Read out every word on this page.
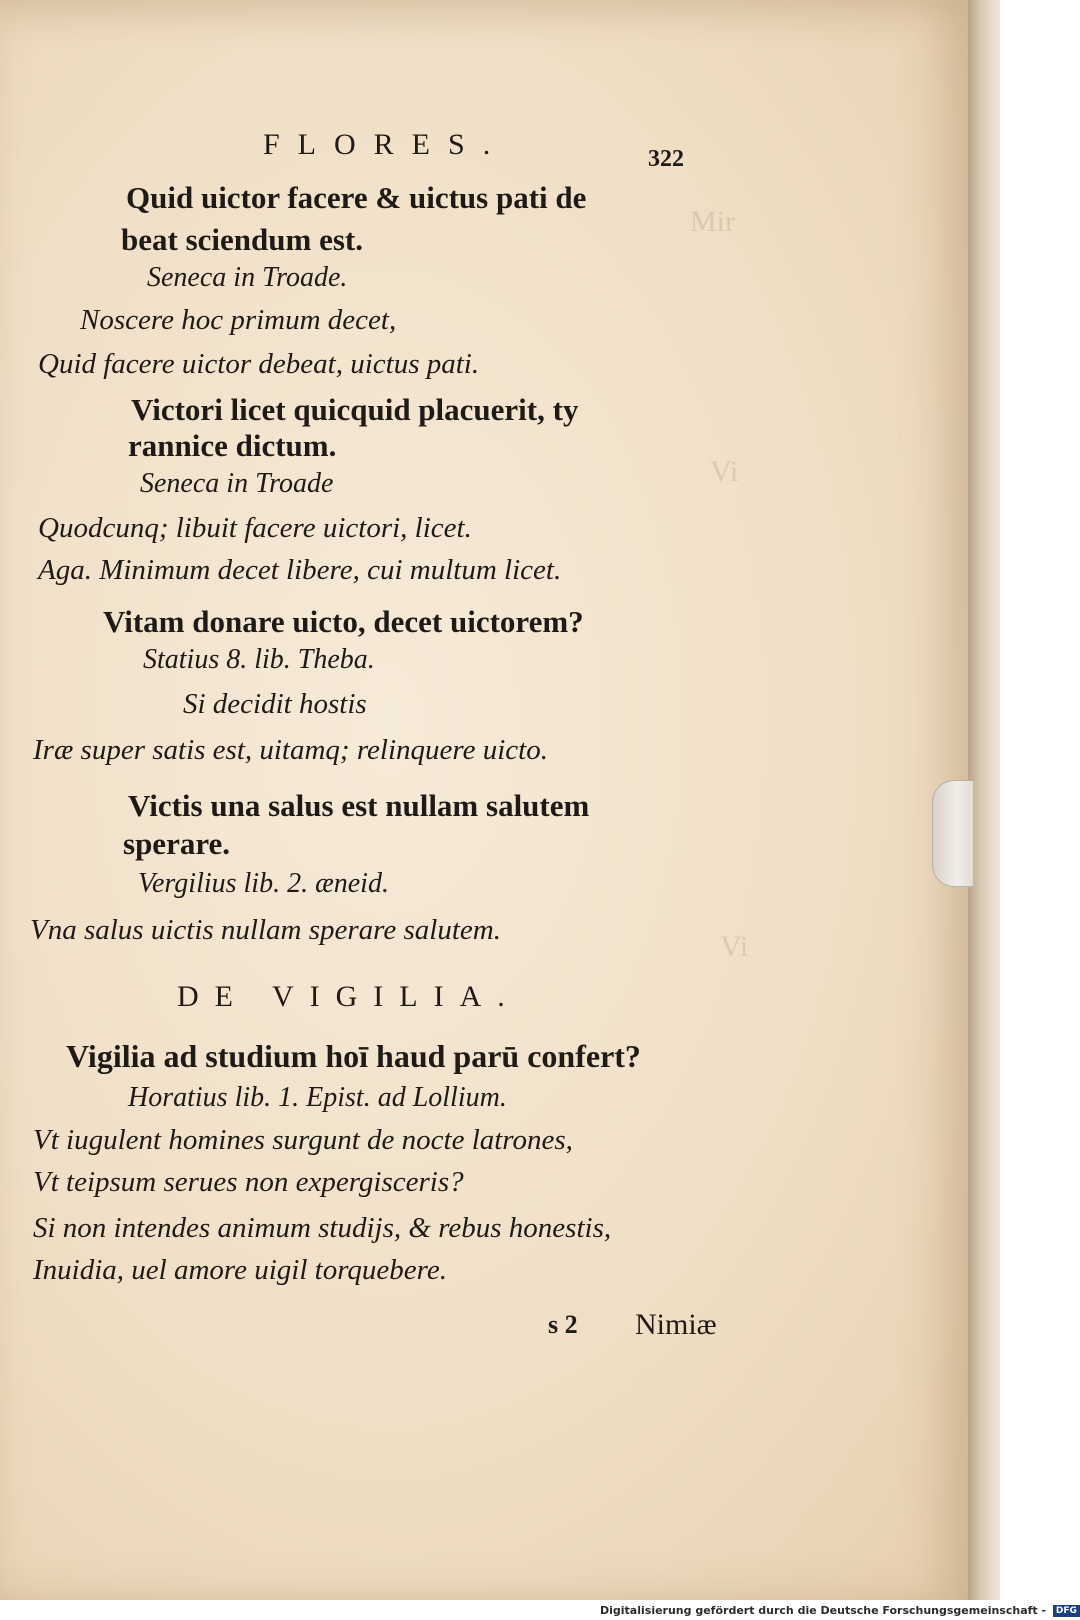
Mir
Vi
Vi
FLORES.	322
Quid uictor facere & uictus pati de
beat sciendum est.
Seneca in Troade.
Noscere hoc primum decet,
Quid facere uictor debeat, uictus pati.
Victori licet quicquid placuerit, ty
rannice dictum.
Seneca in Troade
Quodcunq; libuit facere uictori, licet.
Aga. Minimum decet libere, cui multum licet.
Vitam donare uicto, decet uictorem?
Statius 8. lib. Theba.
Si decidit hostis
Iræ super satis est, uitamq; relinquere uicto.
Victis una salus est nullam salutem
sperare.
Vergilius lib. 2. æneid.
Vna salus uictis nullam sperare salutem.
DE VIGILIA.
Vigilia ad studium hoī haud parū confert?
Horatius lib. 1. Epist. ad Lollium.
Vt iugulent homines surgunt de nocte latrones,
Vt teipsum serues non expergisceris?
Si non intendes animum studijs, & rebus honestis,
Inuidia, uel amore uigil torquebere.
s 2 Nimiæ
Digitalisierung gefördert durch die Deutsche Forschungsgemeinschaft - DFG
